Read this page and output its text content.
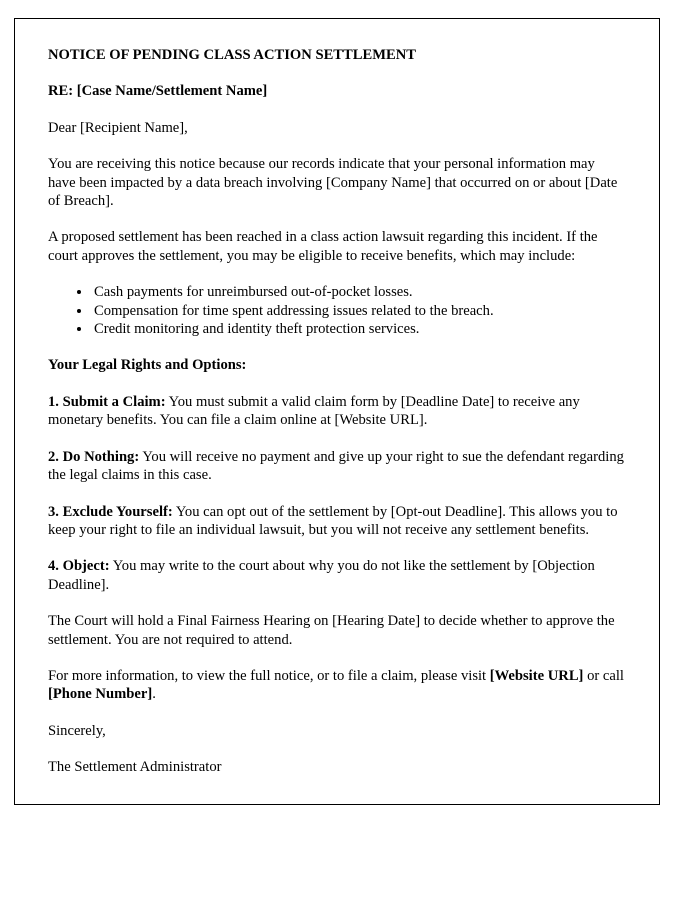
NOTICE OF PENDING CLASS ACTION SETTLEMENT

RE: [Case Name/Settlement Name]

Dear [Recipient Name],

You are receiving this notice because our records indicate that your personal information may have been impacted by a data breach involving [Company Name] that occurred on or about [Date of Breach].

A proposed settlement has been reached in a class action lawsuit regarding this incident. If the court approves the settlement, you may be eligible to receive benefits, which may include:

• Cash payments for unreimbursed out-of-pocket losses.
• Compensation for time spent addressing issues related to the breach.
• Credit monitoring and identity theft protection services.

Your Legal Rights and Options:

1. Submit a Claim: You must submit a valid claim form by [Deadline Date] to receive any monetary benefits. You can file a claim online at [Website URL].

2. Do Nothing: You will receive no payment and give up your right to sue the defendant regarding the legal claims in this case.

3. Exclude Yourself: You can opt out of the settlement by [Opt-out Deadline]. This allows you to keep your right to file an individual lawsuit, but you will not receive any settlement benefits.

4. Object: You may write to the court about why you do not like the settlement by [Objection Deadline].

The Court will hold a Final Fairness Hearing on [Hearing Date] to decide whether to approve the settlement. You are not required to attend.

For more information, to view the full notice, or to file a claim, please visit [Website URL] or call [Phone Number].

Sincerely,

The Settlement Administrator
